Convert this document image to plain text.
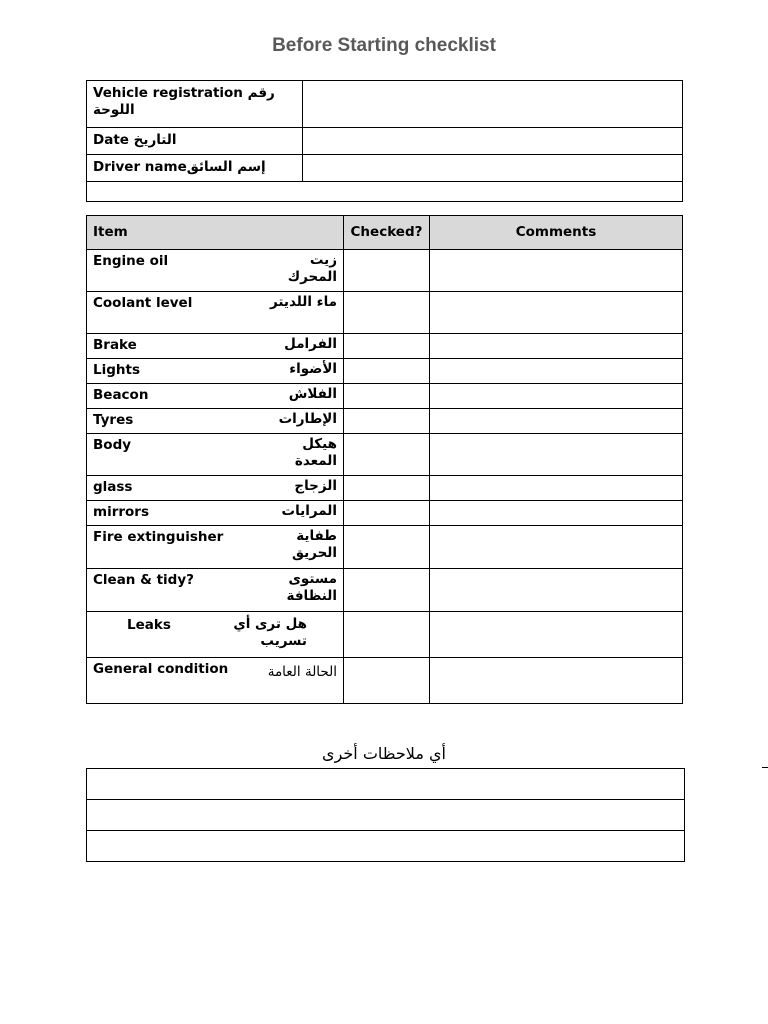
Before Starting checklist
Vehicle registration رقم اللوحة	
Date التاريخ	
Driver nameإسم السائق	

Item	Checked?	Comments

Engine oil زيت المحرك		

Coolant level ماء اللديتر		

Brake الفرامل		

Lights الأضواء		

Beacon الفلاش		

Tyres الإطارات		

Body هيكل المعدة		

glass الزجاج		

mirrors المرايات		

Fire extinguisher طفاية الحريق		

Clean & tidy? مستوى النظافة		

Leaks هل ترى أي تسريب		

General condition الحالة العامة		

أي ملاحظات أخرى
